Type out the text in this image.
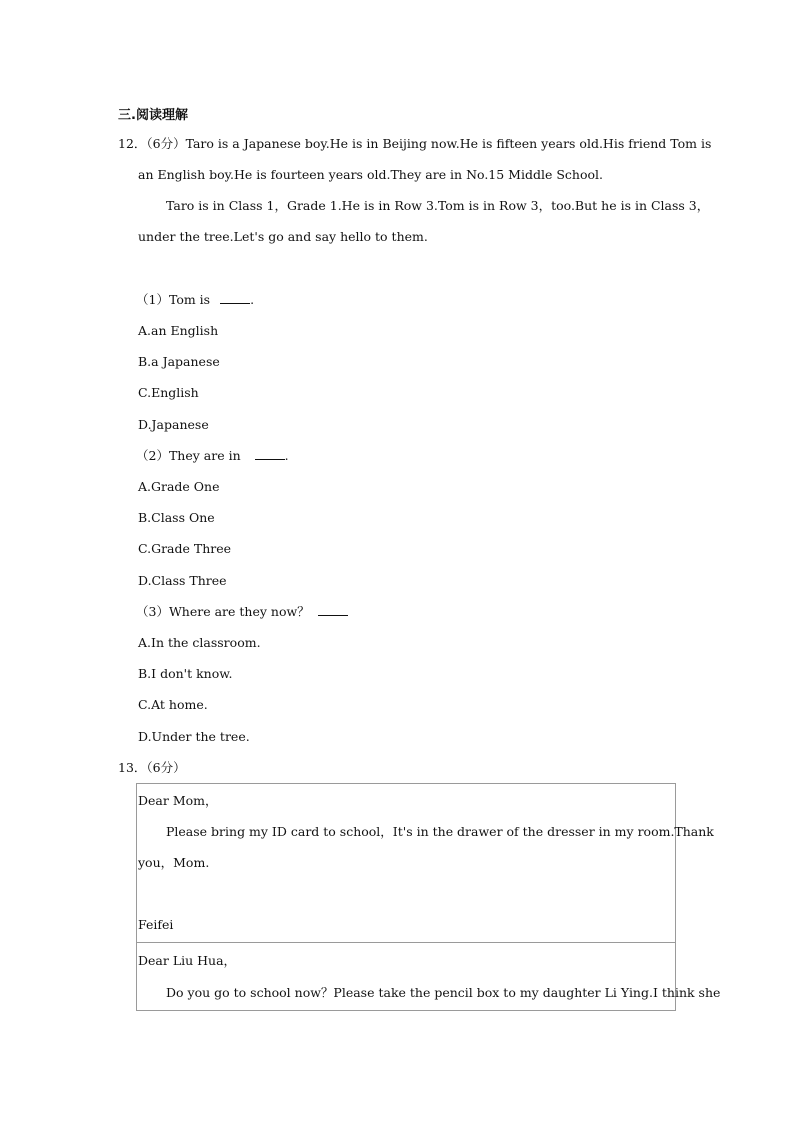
三.阅读理解
12．（6分）Taro is a Japanese boy.He is in Beijing now.He is fifteen years old.His friend Tom is
an English boy.He is fourteen years old.They are in No.15 Middle School.
Taro is in Class 1，Grade 1.He is in Row 3.Tom is in Row 3，too.But he is in Class 3，
under the tree.Let's go and say hello to them.
（1）Tom is	.
A.an English
B.a Japanese
C.English
D.Japanese
（2）They are in	.
A.Grade One
B.Class One
C.Grade Three
D.Class Three
（3）Where are they now？
A.In the classroom.
B.I don't know.
C.At home.
D.Under the tree.
13．（6分）
Dear Mom，
Please bring my ID card to school，It's in the drawer of the dresser in my room.Thank
you，Mom.
Feifei
Dear Liu Hua，
Do you go to school now？Please take the pencil box to my daughter Li Ying.I think she
